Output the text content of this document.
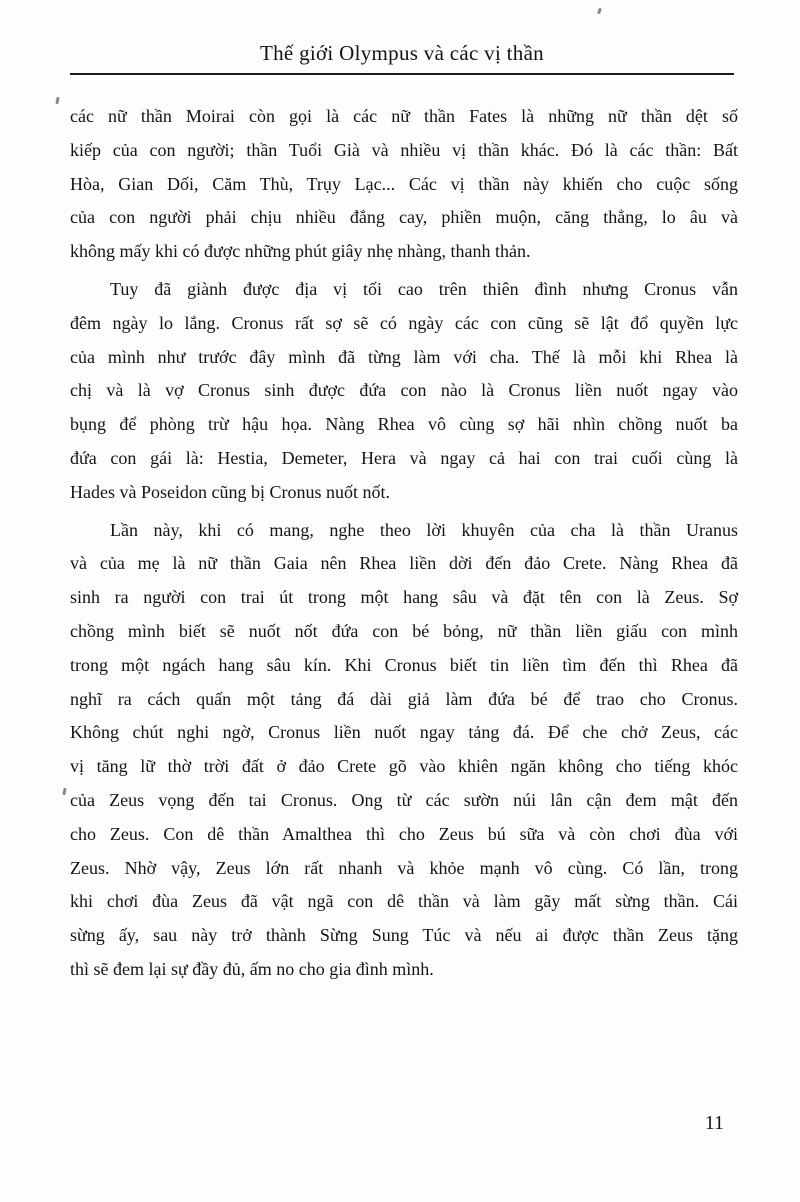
Thế giới Olympus và các vị thần

các nữ thần Moirai còn gọi là các nữ thần Fates là những nữ thần dệt số
kiếp của con người; thần Tuổi Già và nhiều vị thần khác. Đó là các thần: Bất
Hòa, Gian Dối, Căm Thù, Trụy Lạc... Các vị thần này khiến cho cuộc sống
của con người phải chịu nhiều đắng cay, phiền muộn, căng thẳng, lo âu và
không mấy khi có được những phút giây nhẹ nhàng, thanh thản.

Tuy đã giành được địa vị tối cao trên thiên đình nhưng Cronus vẫn
đêm ngày lo lắng. Cronus rất sợ sẽ có ngày các con cũng sẽ lật đổ quyền lực
của mình như trước đây mình đã từng làm với cha. Thế là mỗi khi Rhea là
chị và là vợ Cronus sinh được đứa con nào là Cronus liền nuốt ngay vào
bụng để phòng trừ hậu họa. Nàng Rhea vô cùng sợ hãi nhìn chồng nuốt ba
đứa con gái là: Hestia, Demeter, Hera và ngay cả hai con trai cuối cùng là
Hades và Poseidon cũng bị Cronus nuốt nốt.

Lần này, khi có mang, nghe theo lời khuyên của cha là thần Uranus
và của mẹ là nữ thần Gaia nên Rhea liền dời đến đảo Crete. Nàng Rhea đã
sinh ra người con trai út trong một hang sâu và đặt tên con là Zeus. Sợ
chồng mình biết sẽ nuốt nốt đứa con bé bỏng, nữ thần liền giấu con mình
trong một ngách hang sâu kín. Khi Cronus biết tin liền tìm đến thì Rhea đã
nghĩ ra cách quấn một tảng đá dài giả làm đứa bé để trao cho Cronus.
Không chút nghi ngờ, Cronus liền nuốt ngay tảng đá. Để che chở Zeus, các
vị tăng lữ thờ trời đất ở đảo Crete gõ vào khiên ngăn không cho tiếng khóc
của Zeus vọng đến tai Cronus. Ong từ các sườn núi lân cận đem mật đến
cho Zeus. Con dê thần Amalthea thì cho Zeus bú sữa và còn chơi đùa với
Zeus. Nhờ vậy, Zeus lớn rất nhanh và khỏe mạnh vô cùng. Có lần, trong
khi chơi đùa Zeus đã vật ngã con dê thần và làm gãy mất sừng thần. Cái
sừng ấy, sau này trở thành Sừng Sung Túc và nếu ai được thần Zeus tặng
thì sẽ đem lại sự đầy đủ, ấm no cho gia đình mình.

11
